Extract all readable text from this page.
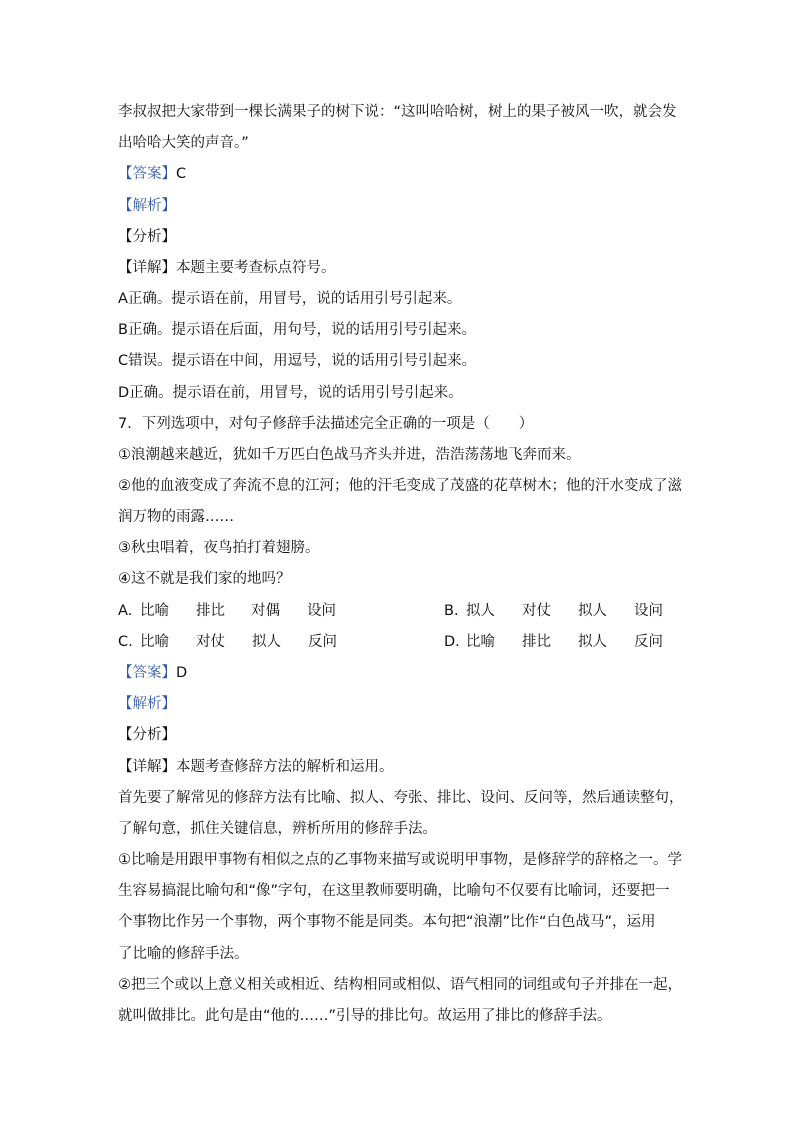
李叔叔把大家带到一棵长满果子的树下说：“这叫哈哈树，树上的果子被风一吹，就会发
出哈哈大笑的声音。”
【答案】C
【解析】
【分析】
【详解】本题主要考查标点符号。
A正确。提示语在前，用冒号，说的话用引号引起来。
B正确。提示语在后面，用句号，说的话用引号引起来。
C错误。提示语在中间，用逗号，说的话用引号引起来。
D正确。提示语在前，用冒号，说的话用引号引起来。
7．下列选项中，对句子修辞手法描述完全正确的一项是（　　）
①浪潮越来越近，犹如千万匹白色战马齐头并进，浩浩荡荡地飞奔而来。
②他的血液变成了奔流不息的江河；他的汗毛变成了茂盛的花草树木；他的汗水变成了滋
润万物的雨露……
③秋虫唱着，夜鸟拍打着翅膀。
④这不就是我们家的地吗？
A. 比喻 排比 对偶 设问	B. 拟人 对仗 拟人 设问
C. 比喻 对仗 拟人 反问	D. 比喻 排比 拟人 反问
【答案】D
【解析】
【分析】
【详解】本题考查修辞方法的解析和运用。
首先要了解常见的修辞方法有比喻、拟人、夸张、排比、设问、反问等，然后通读整句，
了解句意，抓住关键信息，辨析所用的修辞手法。
①比喻是用跟甲事物有相似之点的乙事物来描写或说明甲事物，是修辞学的辞格之一。学
生容易搞混比喻句和“像”字句，在这里教师要明确，比喻句不仅要有比喻词，还要把一
个事物比作另一个事物，两个事物不能是同类。本句把“浪潮”比作“白色战马”，运用
了比喻的修辞手法。
②把三个或以上意义相关或相近、结构相同或相似、语气相同的词组或句子并排在一起，
就叫做排比。此句是由“他的……”引导的排比句。故运用了排比的修辞手法。
